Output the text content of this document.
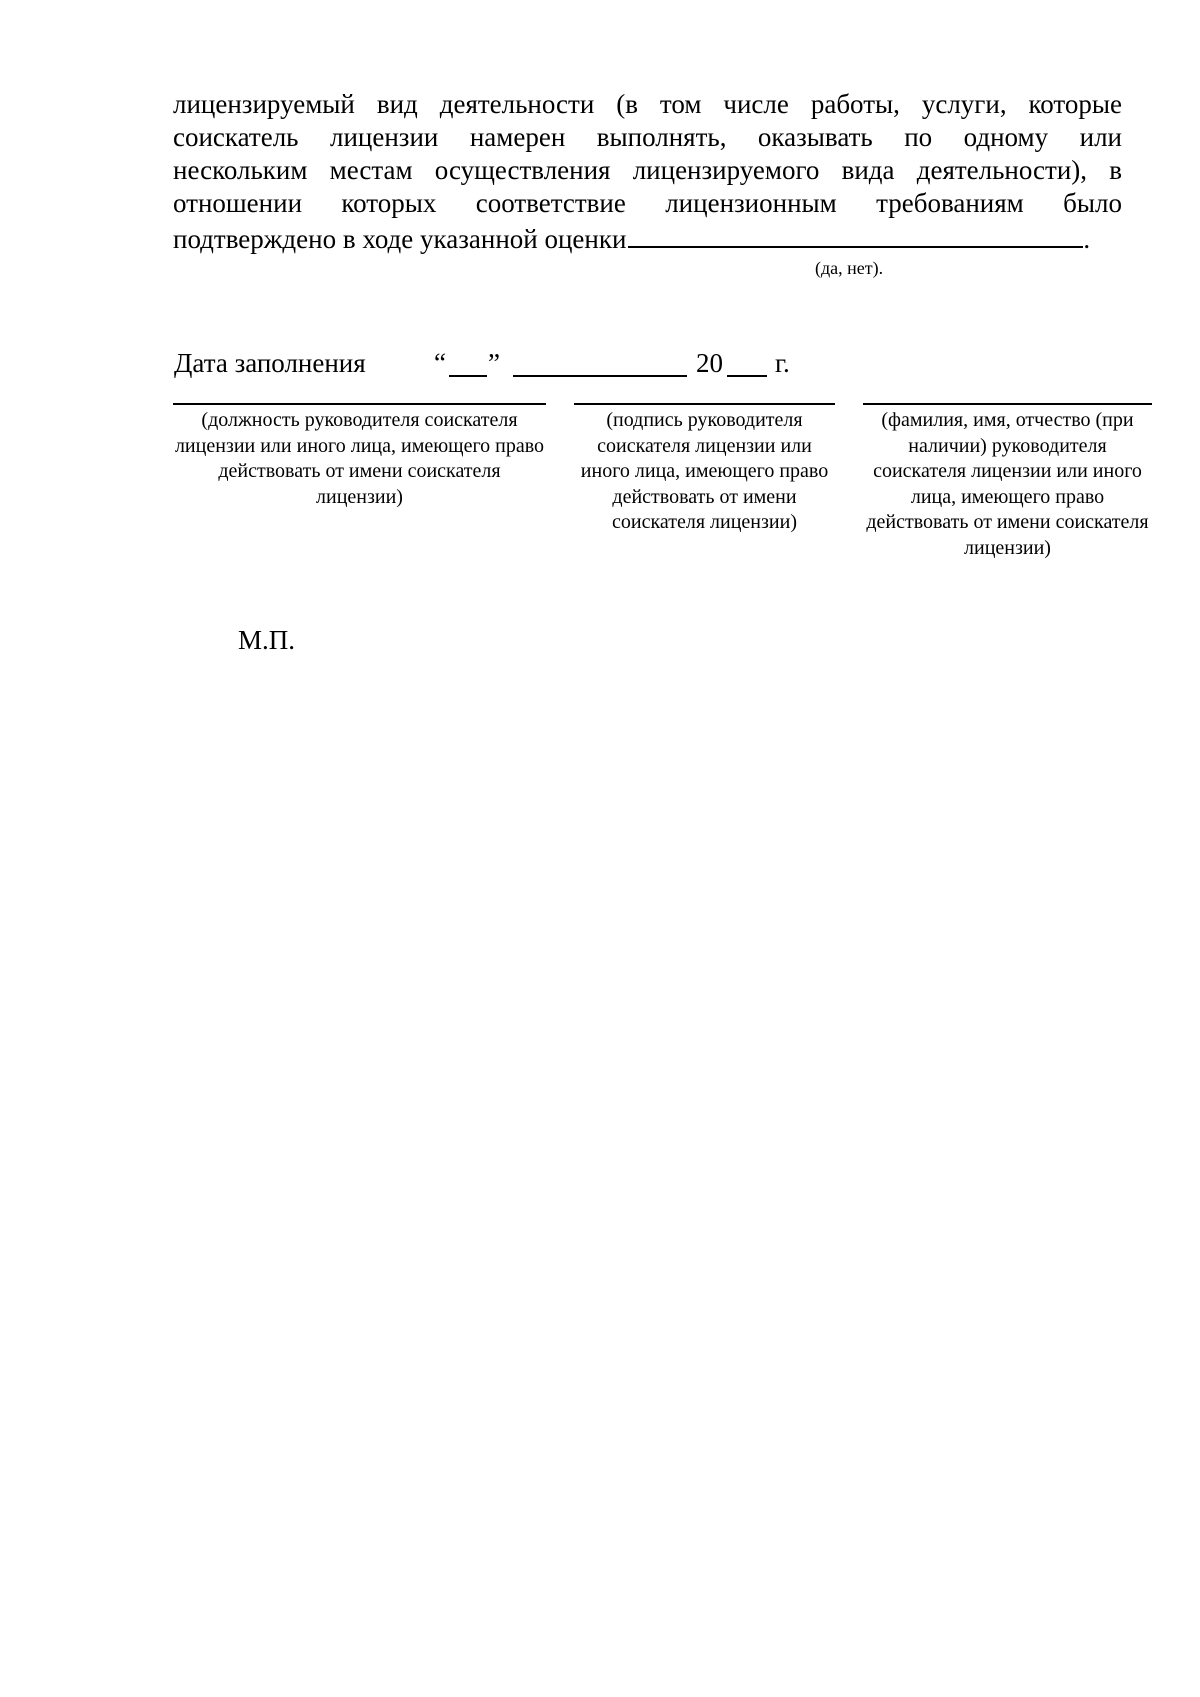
лицензируемый вид деятельности (в том числе работы, услуги, которые
соискатель лицензии намерен выполнять, оказывать по одному или
нескольким местам осуществления лицензируемого вида деятельности), в
отношении которых соответствие лицензионным требованиям было
подтверждено в ходе указанной оценки	.
(да, нет).
Дата заполнения	“ ”	20 г.
(должность руководителя соискателя лицензии или иного лица, имеющего право действовать от имени соискателя лицензии)
(подпись руководителя соискателя лицензии или иного лица, имеющего право действовать от имени соискателя лицензии)
(фамилия, имя, отчество (при наличии) руководителя соискателя лицензии или иного лица, имеющего право действовать от имени соискателя лицензии)
М.П.
